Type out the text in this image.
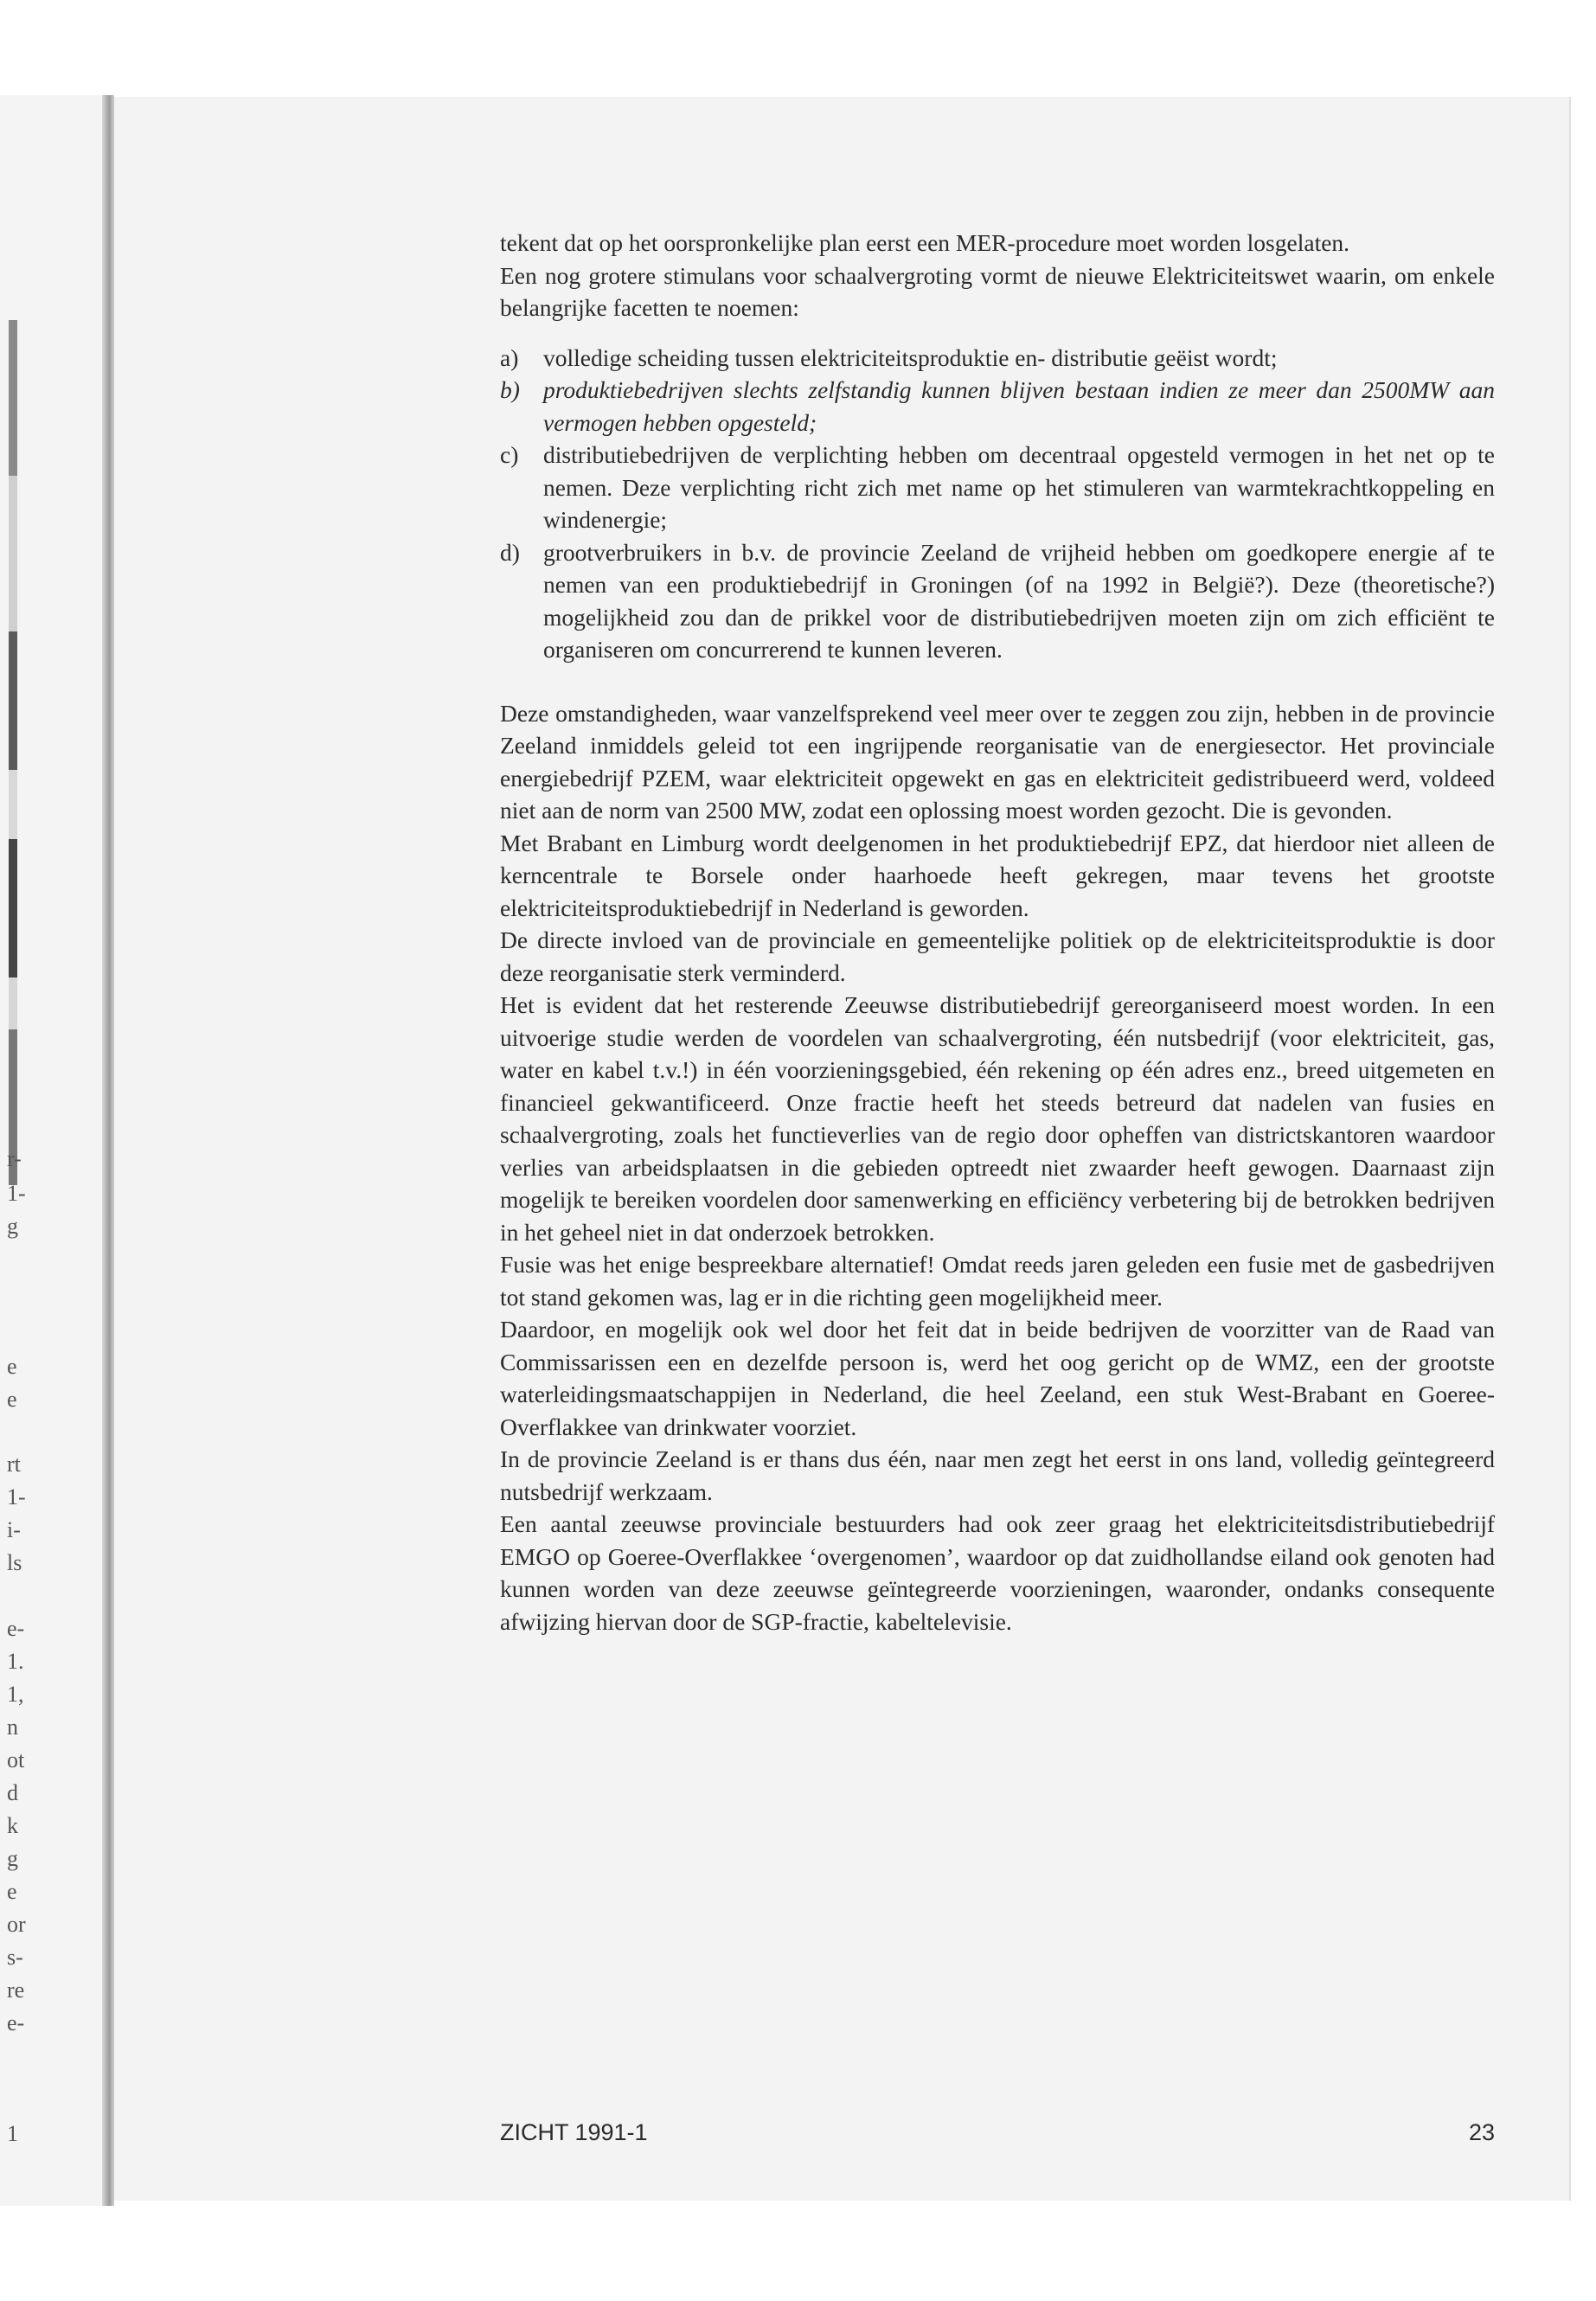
r-
1-
g
e
e
rt
1-
i-
ls
e-
1.
1,
n
ot
d
k
g
e
or
s-
re
e-
1

tekent dat op het oorspronkelijke plan eerst een MER-procedure moet worden losgelaten.

Een nog grotere stimulans voor schaalvergroting vormt de nieuwe Elektriciteitswet waarin, om enkele belangrijke facetten te noemen:

a)	volledige scheiding tussen elektriciteitsproduktie en- distributie geëist wordt;
b) produktiebedrijven slechts zelfstandig kunnen blijven bestaan indien ze meer dan 2500MW aan vermogen hebben opgesteld;
c)	distributiebedrijven de verplichting hebben om decentraal opgesteld vermogen in het net op te nemen. Deze verplichting richt zich met name op het stimuleren van warmtekrachtkoppeling en windenergie;
d) grootverbruikers in b.v. de provincie Zeeland de vrijheid hebben om goedkopere energie af te nemen van een produktiebedrijf in Groningen (of na 1992 in België?). Deze (theoretische?) mogelijkheid zou dan de prikkel voor de distributiebedrijven moeten zijn om zich efficiënt te organiseren om concurrerend te kunnen leveren.

Deze omstandigheden, waar vanzelfsprekend veel meer over te zeggen zou zijn, hebben in de provincie Zeeland inmiddels geleid tot een ingrijpende reorganisatie van de energiesector. Het provinciale energiebedrijf PZEM, waar elektriciteit opgewekt en gas en elektriciteit gedistribueerd werd, voldeed niet aan de norm van 2500 MW, zodat een oplossing moest worden gezocht. Die is gevonden.

Met Brabant en Limburg wordt deelgenomen in het produktiebedrijf EPZ, dat hierdoor niet alleen de kerncentrale te Borsele onder haarhoede heeft gekregen, maar tevens het grootste elektriciteitsproduktiebedrijf in Nederland is geworden.

De directe invloed van de provinciale en gemeentelijke politiek op de elektriciteitsproduktie is door deze reorganisatie sterk verminderd.

Het is evident dat het resterende Zeeuwse distributiebedrijf gereorganiseerd moest worden. In een uitvoerige studie werden de voordelen van schaalvergroting, één nutsbedrijf (voor elektriciteit, gas, water en kabel t.v.!) in één voorzieningsgebied, één rekening op één adres enz., breed uitgemeten en financieel gekwantificeerd. Onze fractie heeft het steeds betreurd dat nadelen van fusies en schaalvergroting, zoals het functieverlies van de regio door opheffen van districtskantoren waardoor verlies van arbeidsplaatsen in die gebieden optreedt niet zwaarder heeft gewogen. Daarnaast zijn mogelijk te bereiken voordelen door samenwerking en efficiëncy verbetering bij de betrokken bedrijven in het geheel niet in dat onderzoek betrokken.

Fusie was het enige bespreekbare alternatief! Omdat reeds jaren geleden een fusie met de gasbedrijven tot stand gekomen was, lag er in die richting geen mogelijkheid meer.

Daardoor, en mogelijk ook wel door het feit dat in beide bedrijven de voorzitter van de Raad van Commissarissen een en dezelfde persoon is, werd het oog gericht op de WMZ, een der grootste waterleidingsmaatschappijen in Nederland, die heel Zeeland, een stuk West-Brabant en Goeree-Overflakkee van drinkwater voorziet.

In de provincie Zeeland is er thans dus één, naar men zegt het eerst in ons land, volledig geïntegreerd nutsbedrijf werkzaam.

Een aantal zeeuwse provinciale bestuurders had ook zeer graag het elektriciteitsdistributiebedrijf EMGO op Goeree-Overflakkee ‘overgenomen’, waardoor op dat zuidhollandse eiland ook genoten had kunnen worden van deze zeeuwse geïntegreerde voorzieningen, waaronder, ondanks consequente afwijzing hiervan door de SGP-fractie, kabeltelevisie.

ZICHT 1991-1	23
